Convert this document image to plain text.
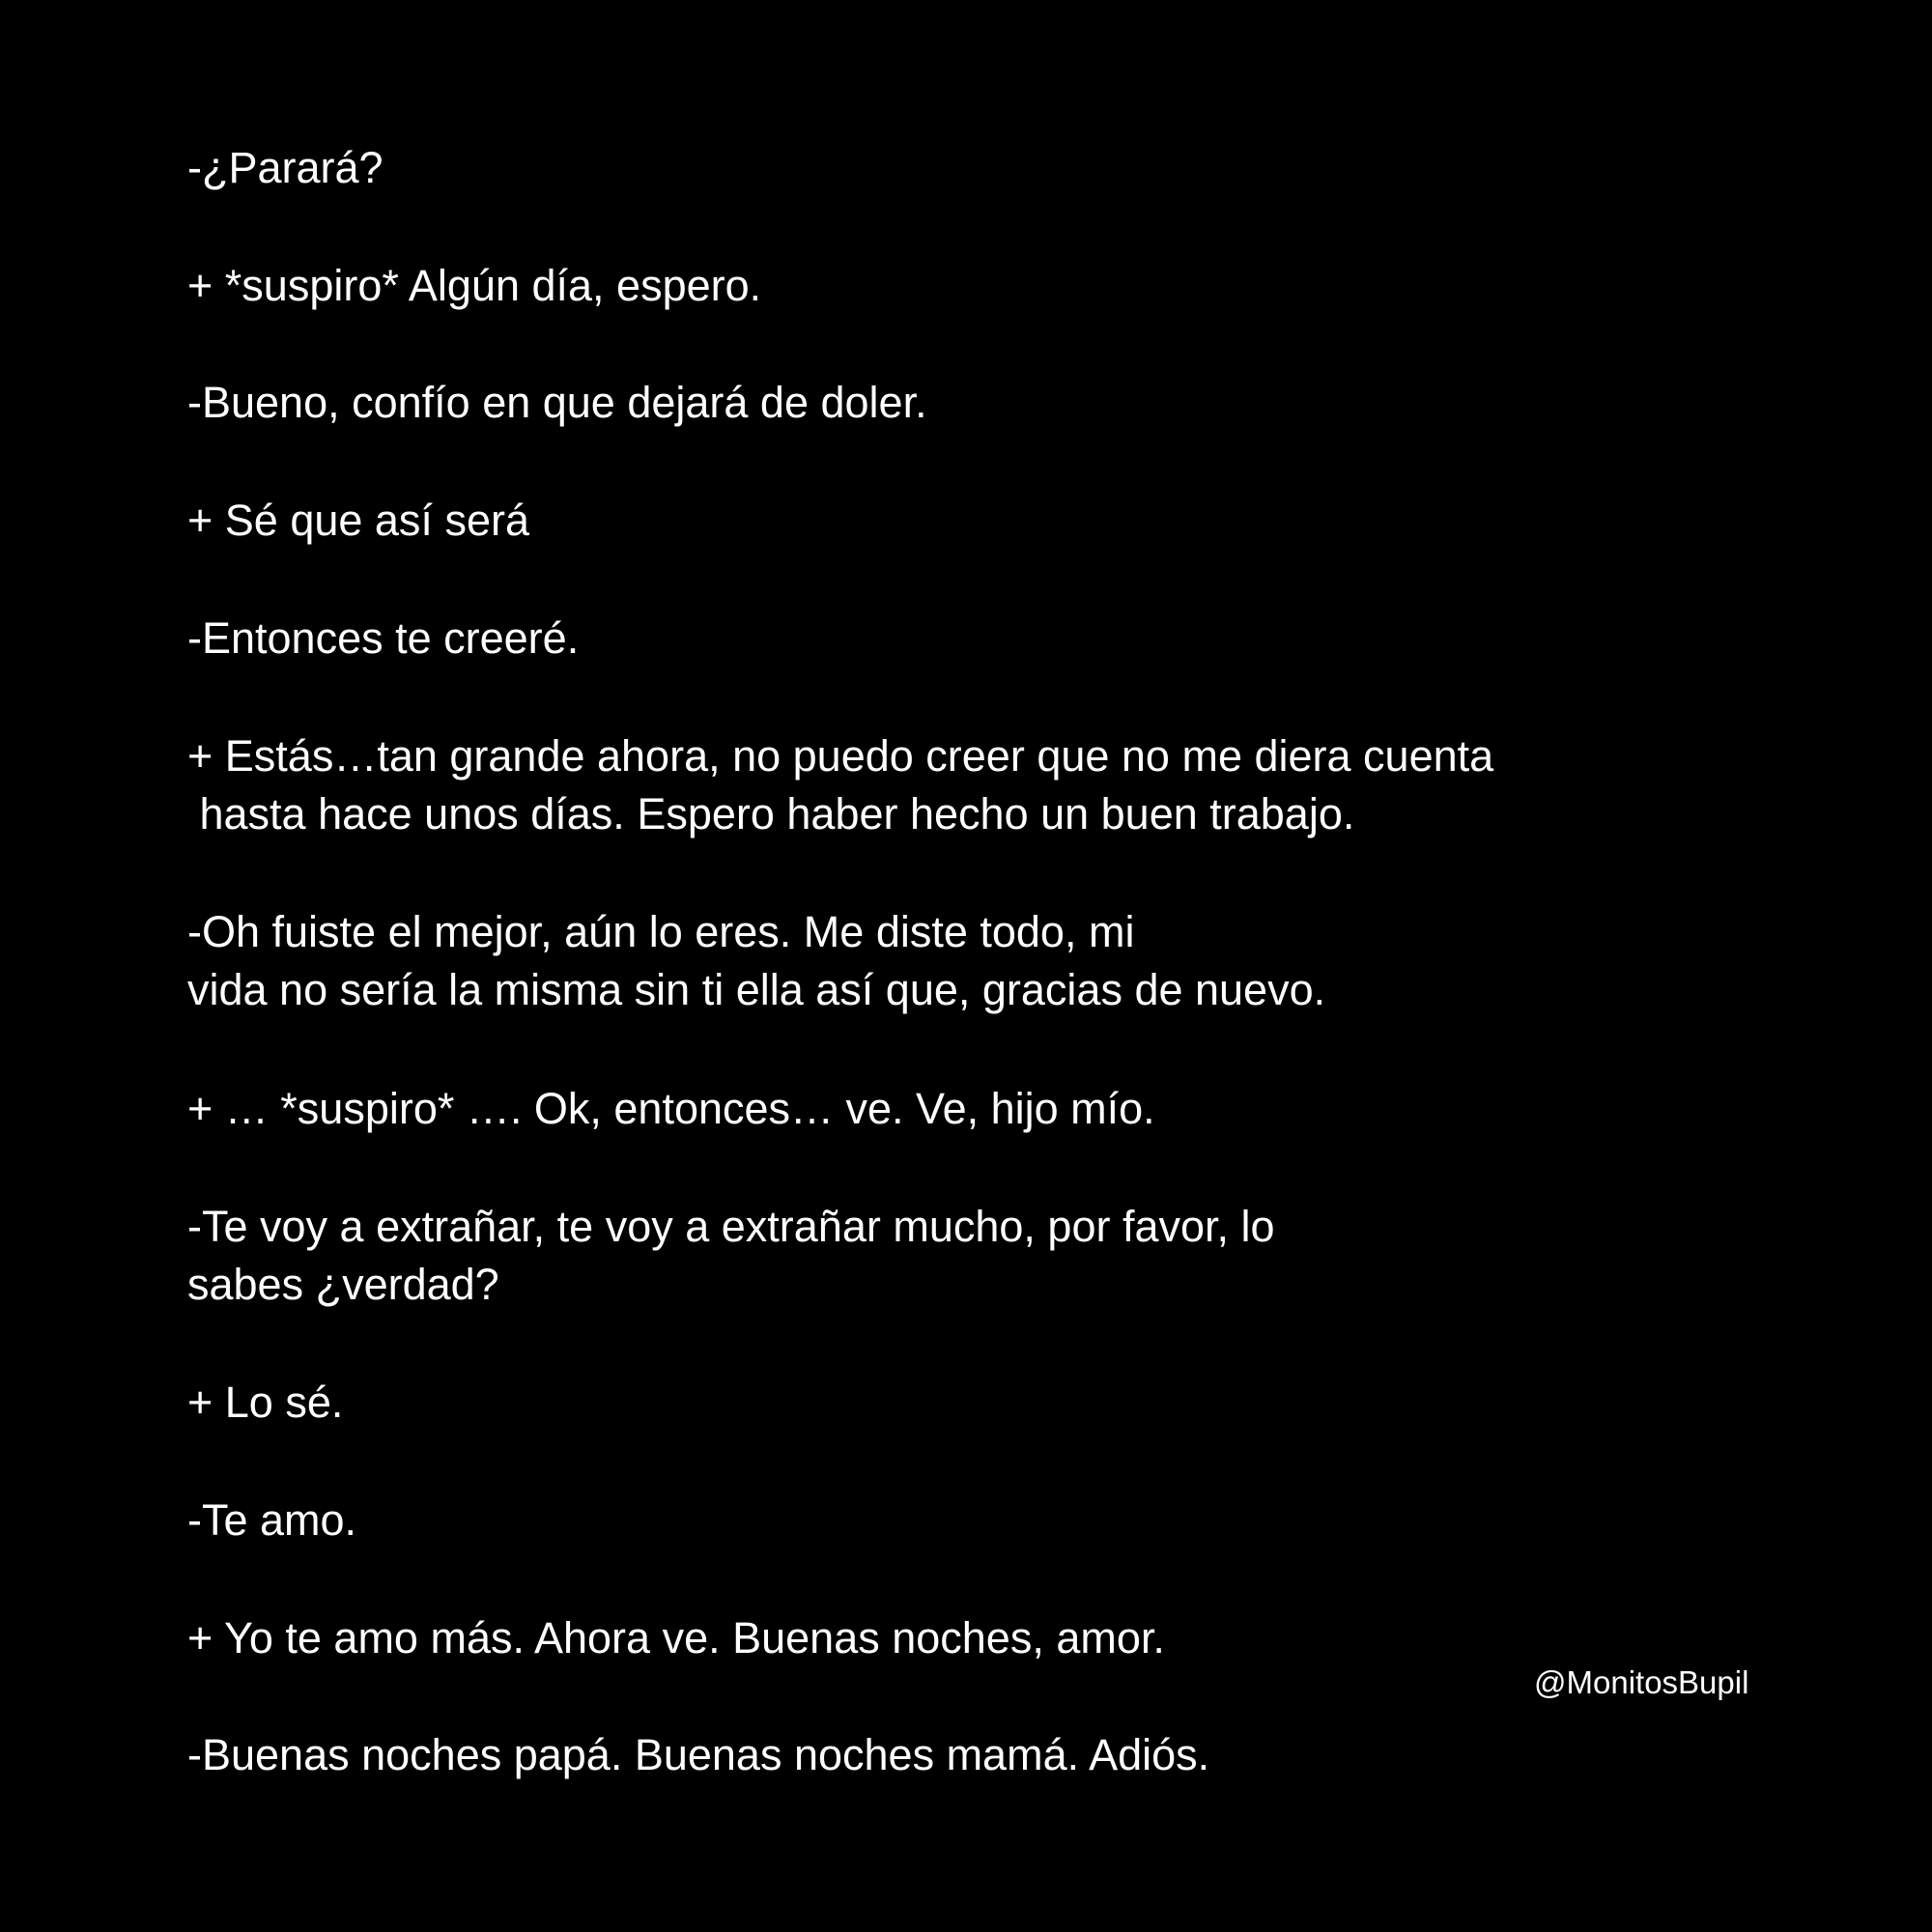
-¿Parará?
+ *suspiro* Algún día, espero.
-Bueno, confío en que dejará de doler.
+ Sé que así será
-Entonces te creeré.
+ Estás…tan grande ahora, no puedo creer que no me diera cuenta
hasta hace unos días. Espero haber hecho un buen trabajo.
-Oh fuiste el mejor, aún lo eres. Me diste todo, mi
vida no sería la misma sin ti ella así que, gracias de nuevo.
+ … *suspiro* …. Ok, entonces… ve. Ve, hijo mío.
-Te voy a extrañar, te voy a extrañar mucho, por favor, lo
sabes ¿verdad?
+ Lo sé.
-Te amo.
+ Yo te amo más. Ahora ve. Buenas noches, amor.
@MonitosBupil
-Buenas noches papá. Buenas noches mamá. Adiós.
